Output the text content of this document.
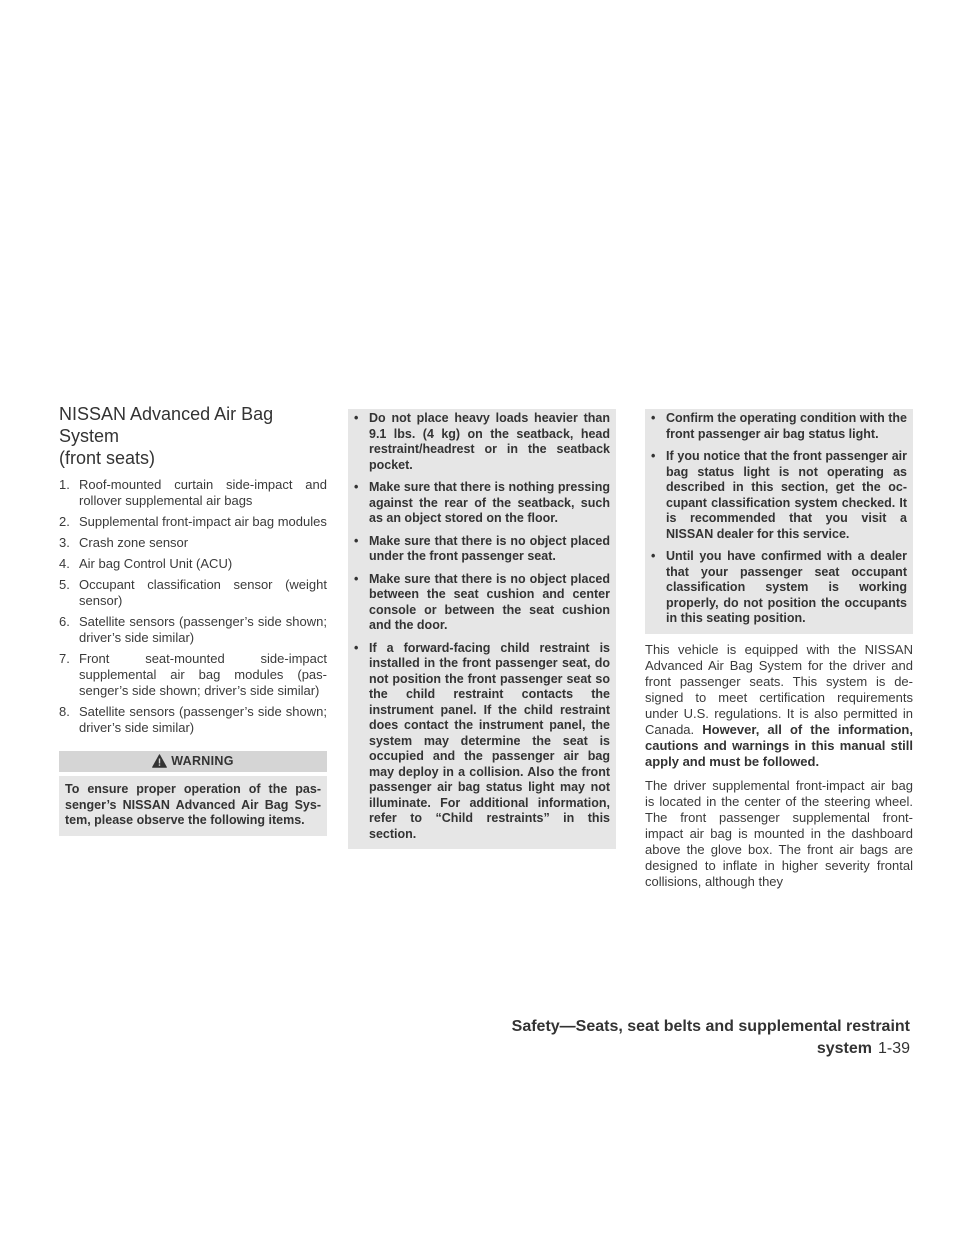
NISSAN Advanced Air Bag System
(front seats)
1. Roof-mounted curtain side-impact and rollover supplemental air bags
2. Supplemental front-impact air bag modules
3. Crash zone sensor
4. Air bag Control Unit (ACU)
5. Occupant classification sensor (weight sensor)
6. Satellite sensors (passenger’s side shown; driver’s side similar)
7. Front seat-mounted side-impact supplemental air bag modules (passenger’s side shown; driver’s side similar)
8. Satellite sensors (passenger’s side shown; driver’s side similar)
WARNING
To ensure proper operation of the passenger’s NISSAN Advanced Air Bag System, please observe the following items.
• Do not place heavy loads heavier than 9.1 lbs. (4 kg) on the seatback, head restraint/headrest or in the seatback pocket.
• Make sure that there is nothing pressing against the rear of the seatback, such as an object stored on the floor.
• Make sure that there is no object placed under the front passenger seat.
• Make sure that there is no object placed between the seat cushion and center console or between the seat cushion and the door.
• If a forward-facing child restraint is installed in the front passenger seat, do not position the front passenger seat so the child restraint contacts the instrument panel. If the child restraint does contact the instrument panel, the system may determine the seat is occupied and the passenger air bag may deploy in a collision. Also the front passenger air bag status light may not illuminate. For additional information, refer to “Child restraints” in this section.
• Confirm the operating condition with the front passenger air bag status light.
• If you notice that the front passenger air bag status light is not operating as described in this section, get the occupant classification system checked. It is recommended that you visit a NISSAN dealer for this service.
• Until you have confirmed with a dealer that your passenger seat occupant classification system is working properly, do not position the occupants in this seating position.

This vehicle is equipped with the NISSAN Advanced Air Bag System for the driver and front passenger seats. This system is designed to meet certification requirements under U.S. regulations. It is also permitted in Canada. However, all of the information, cautions and warnings in this manual still apply and must be followed.

The driver supplemental front-impact air bag is located in the center of the steering wheel. The front passenger supplemental front-impact air bag is mounted in the dashboard above the glove box. The front air bags are designed to inflate in higher severity frontal collisions, although they

Safety—Seats, seat belts and supplemental restraint system 1-39
